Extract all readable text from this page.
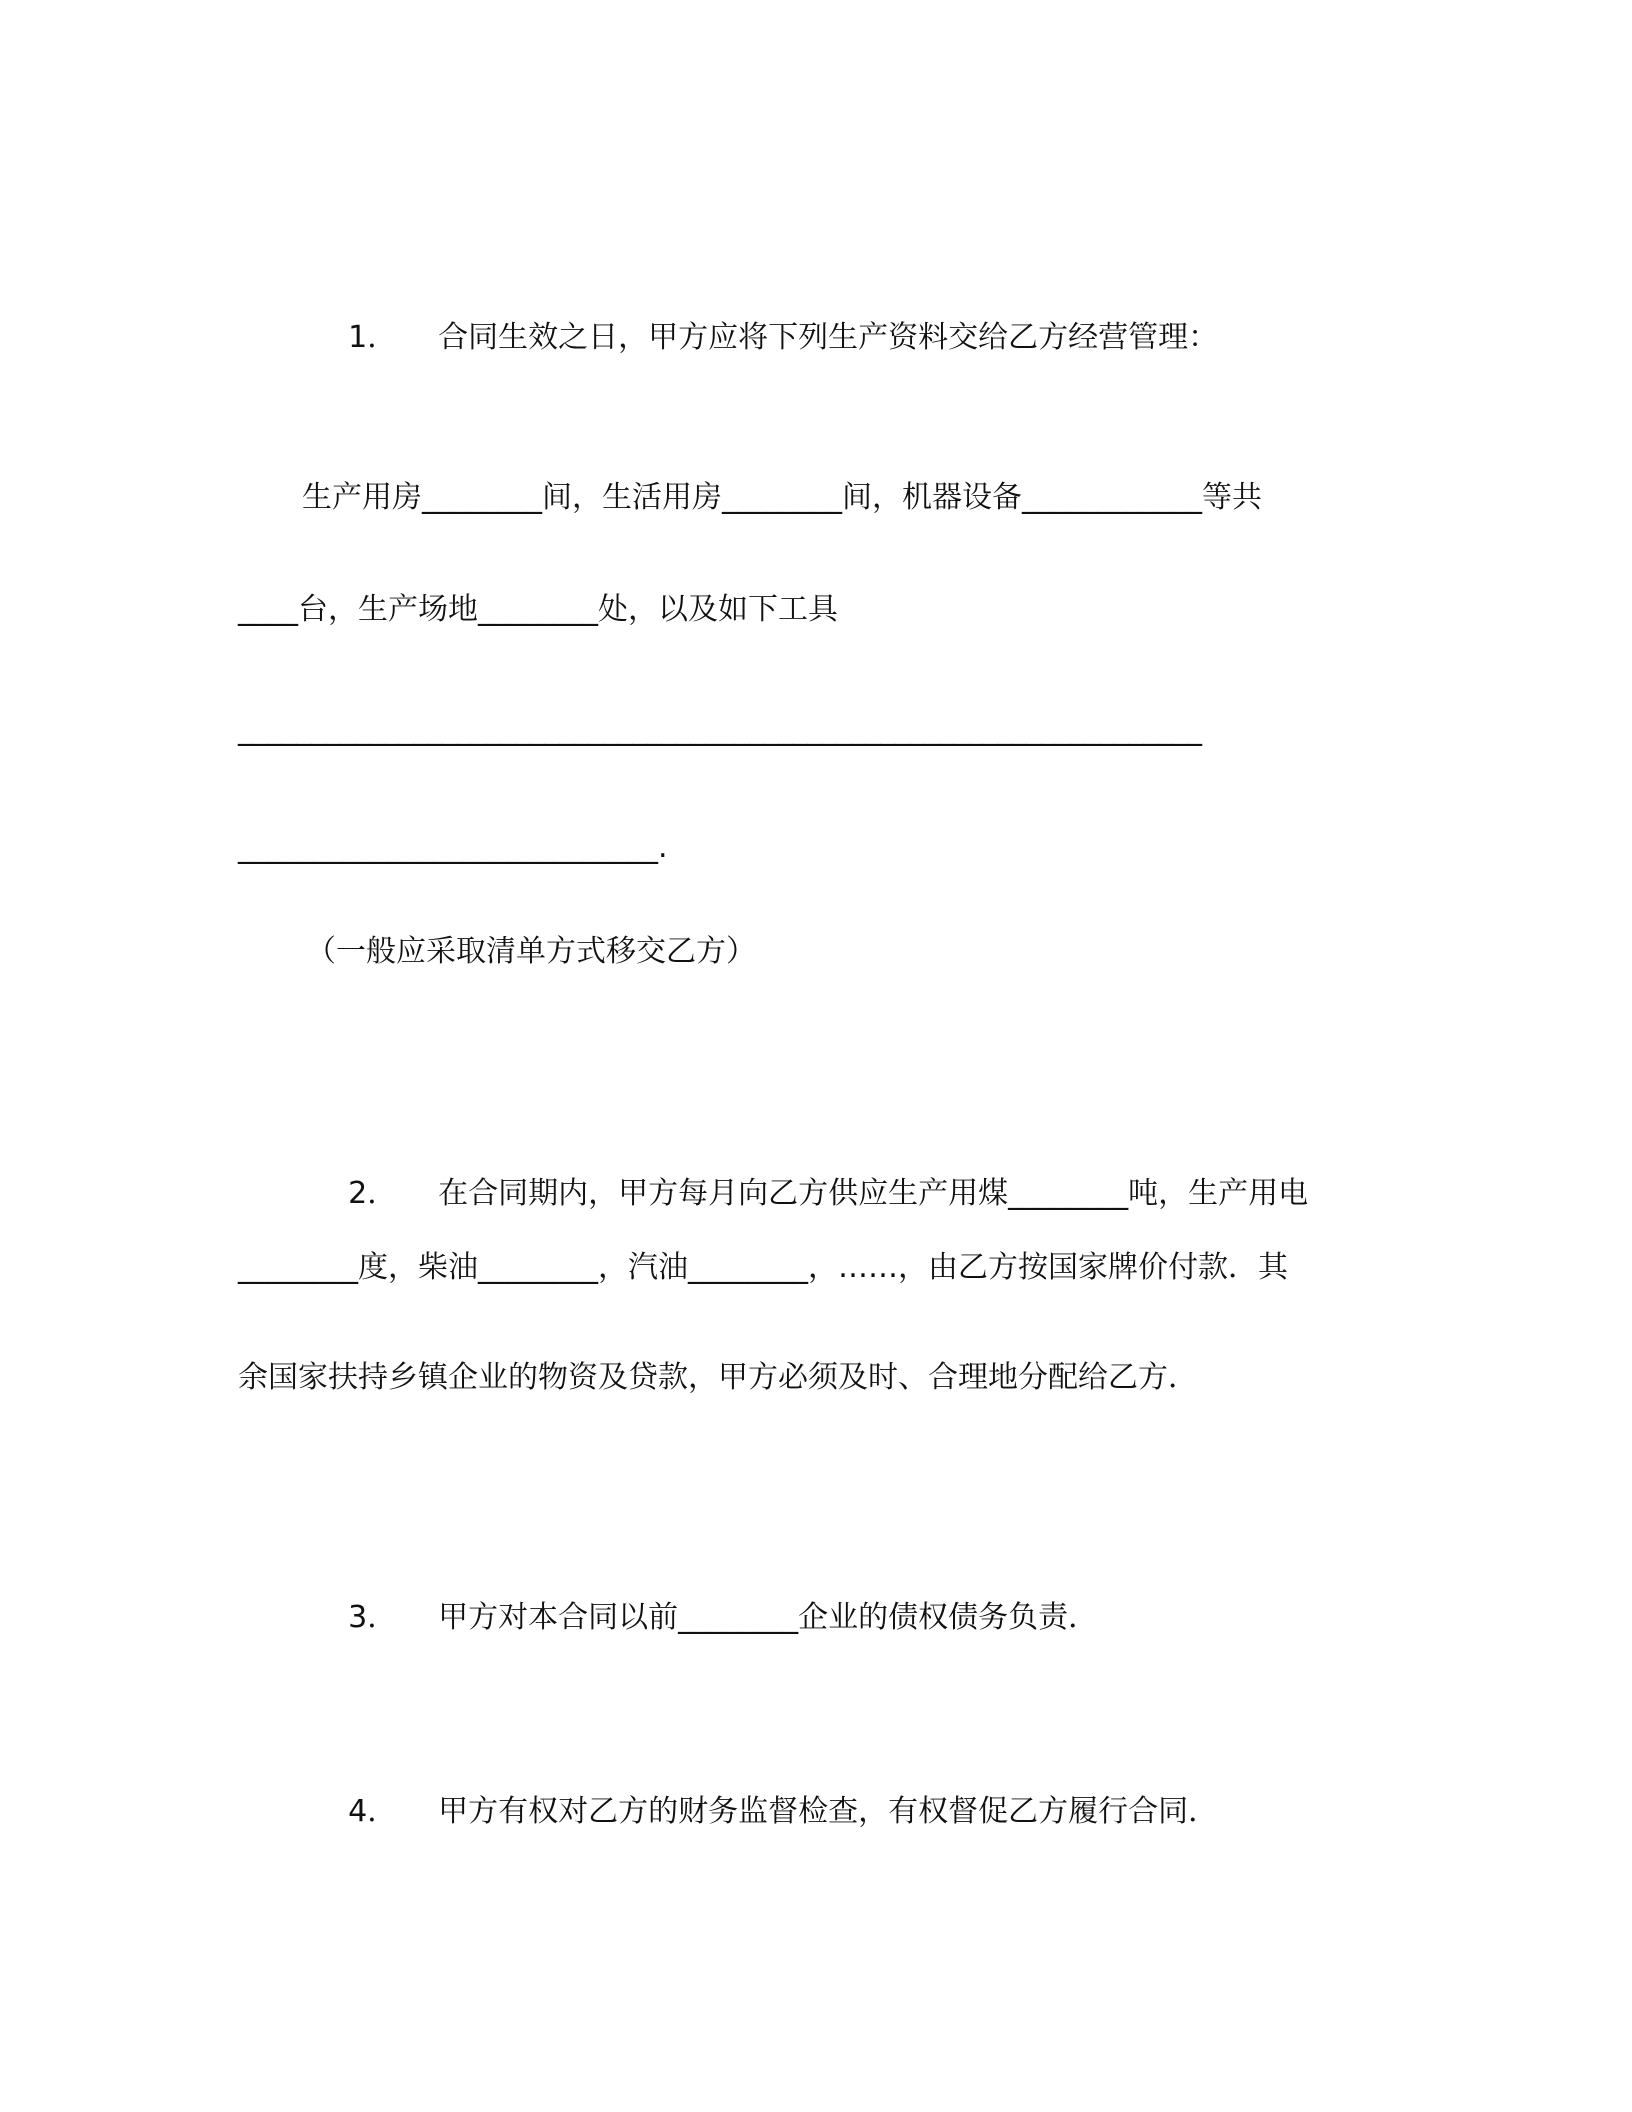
1． 合同生效之日，甲方应将下列生产资料交给乙方经营管理：

生产用房________间，生活用房________间，机器设备____________等共
____台，生产场地________处，以及如下工具
__________________________________________________________________
____________________________.
（一般应采取清单方式移交乙方）

2． 在合同期内，甲方每月向乙方供应生产用煤________吨，生产用电

________度，柴油________，汽油________，……，由乙方按国家牌价付款．其
余国家扶持乡镇企业的物资及贷款，甲方必须及时、合理地分配给乙方．

3． 甲方对本合同以前________企业的债权债务负责．

4． 甲方有权对乙方的财务监督检查，有权督促乙方履行合同．
